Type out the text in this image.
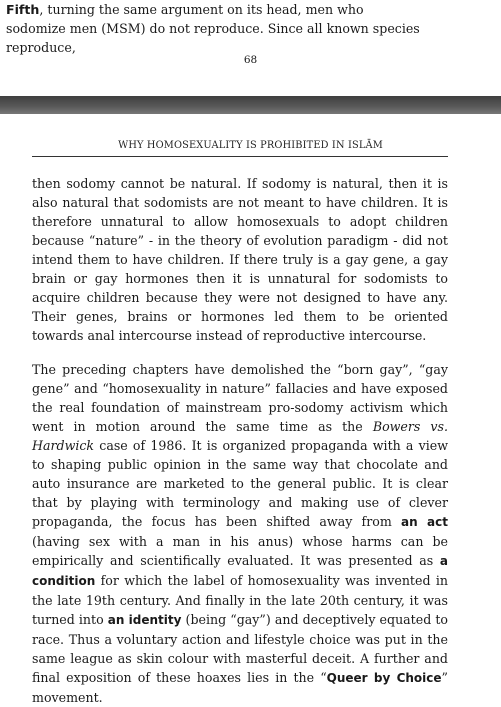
Fifth, turning the same argument on its head, men who sodomize men (MSM) do not reproduce. Since all known species reproduce,

68
WHY HOMOSEXUALITY IS PROHIBITED IN ISLĀM

then sodomy cannot be natural. If sodomy is natural, then it is also natural that sodomists are not meant to have children. It is therefore unnatural to allow homosexuals to adopt children because “nature” - in the theory of evolution paradigm - did not intend them to have children. If there truly is a gay gene, a gay brain or gay hormones then it is unnatural for sodomists to acquire children because they were not designed to have any. Their genes, brains or hormones led them to be oriented towards anal intercourse instead of reproductive intercourse.

The preceding chapters have demolished the “born gay”, “gay gene” and “homosexuality in nature” fallacies and have exposed the real foundation of mainstream pro-sodomy activism which went in motion around the same time as the Bowers vs. Hardwick case of 1986. It is organized propaganda with a view to shaping public opinion in the same way that chocolate and auto insurance are marketed to the general public. It is clear that by playing with terminology and making use of clever propaganda, the focus has been shifted away from an act (having sex with a man in his anus) whose harms can be empirically and scientifically evaluated. It was presented as a condition for which the label of homosexuality was invented in the late 19th century. And finally in the late 20th century, it was turned into an identity (being “gay”) and deceptively equated to race. Thus a voluntary action and lifestyle choice was put in the same league as skin colour with masterful deceit. A further and final exposition of these hoaxes lies in the “Queer by Choice” movement.
